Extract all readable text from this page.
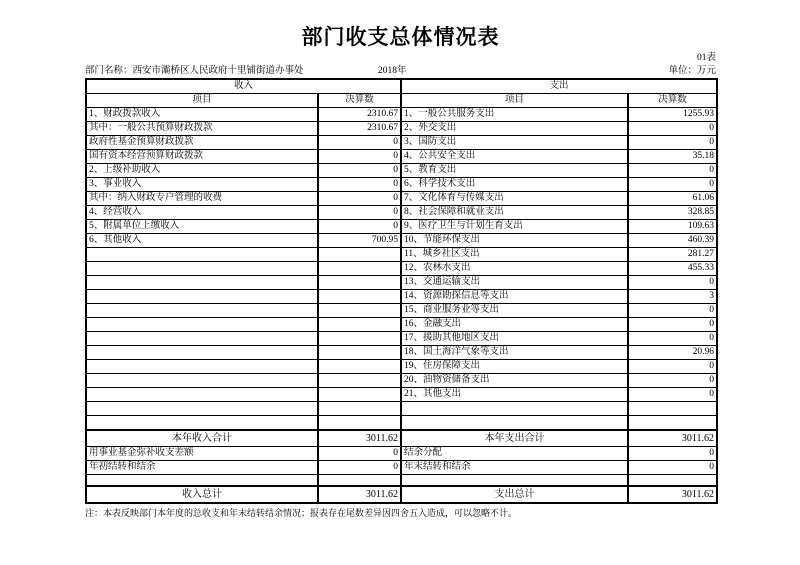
部门收支总体情况表
01表
部门名称：西安市灞桥区人民政府十里铺街道办事处	2018年	单位：万元
收入		支出	
项目	决算数	项目	决算数
1、财政拨款收入	2310.67	1、一般公共服务支出	1255.93
其中：一般公共预算财政拨款	2310.67	2、外交支出	0
政府性基金预算财政拨款	0	3、国防支出	0
国有资本经营预算财政拨款	0	4、公共安全支出	35.18
2、上级补助收入	0	5、教育支出	0
3、事业收入	0	6、科学技术支出	0
其中：纳入财政专户管理的收费	0	7、文化体育与传媒支出	61.06
4、经营收入	0	8、社会保障和就业支出	328.85
5、附属单位上缴收入	0	9、医疗卫生与计划生育支出	109.63
6、其他收入	700.95	10、节能环保支出	460.39
		11、城乡社区支出	281.27
		12、农林水支出	455.33
		13、交通运输支出	0
		14、资源勘探信息等支出	3
		15、商业服务业等支出	0
		16、金融支出	0
		17、援助其他地区支出	0
		18、国土海洋气象等支出	20.96
		19、住房保障支出	0
		20、油物资储备支出	0
		21、其他支出	0

本年收入合计	3011.62	本年支出合计	3011.62
用事业基金弥补收支差额	0	结余分配	0
年初结转和结余	0	年末结转和结余	0

收入总计	3011.62	支出总计	3011.62
注：本表反映部门本年度的总收支和年末结转结余情况；报表存在尾数差异因四舍五入造成，可以忽略不计。
